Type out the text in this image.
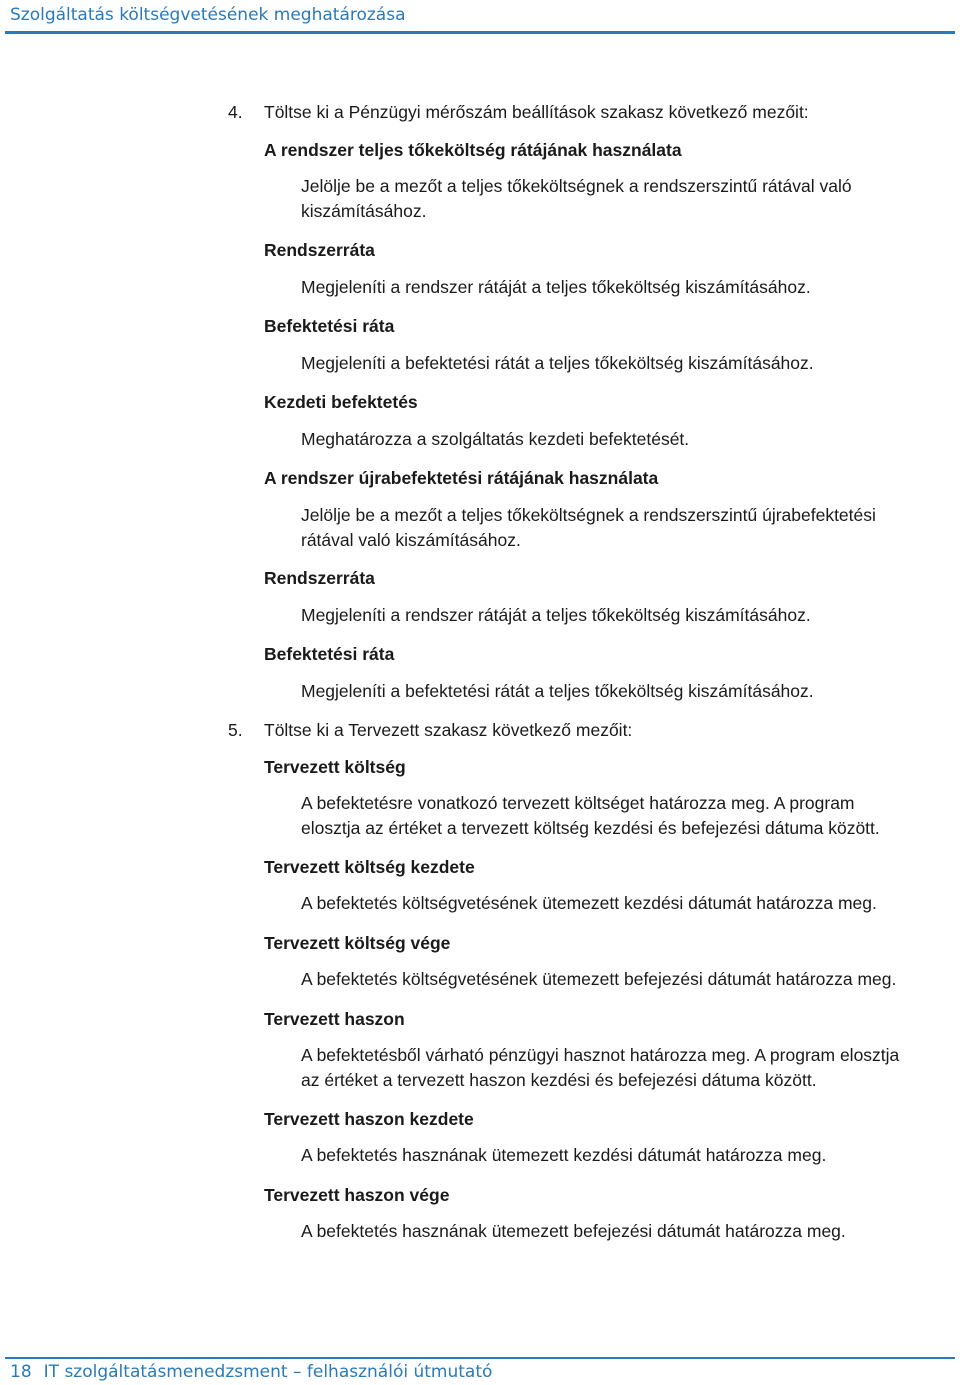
Szolgáltatás költségvetésének meghatározása
4. Töltse ki a Pénzügyi mérőszám beállítások szakasz következő mezőit:
A rendszer teljes tőkeköltség rátájának használata
Jelölje be a mezőt a teljes tőkeköltségnek a rendszerszintű rátával való
kiszámításához.
Rendszerráta
Megjeleníti a rendszer rátáját a teljes tőkeköltség kiszámításához.
Befektetési ráta
Megjeleníti a befektetési rátát a teljes tőkeköltség kiszámításához.
Kezdeti befektetés
Meghatározza a szolgáltatás kezdeti befektetését.
A rendszer újrabefektetési rátájának használata
Jelölje be a mezőt a teljes tőkeköltségnek a rendszerszintű újrabefektetési
rátával való kiszámításához.
Rendszerráta
Megjeleníti a rendszer rátáját a teljes tőkeköltség kiszámításához.
Befektetési ráta
Megjeleníti a befektetési rátát a teljes tőkeköltség kiszámításához.
5. Töltse ki a Tervezett szakasz következő mezőit:
Tervezett költség
A befektetésre vonatkozó tervezett költséget határozza meg. A program
elosztja az értéket a tervezett költség kezdési és befejezési dátuma között.
Tervezett költség kezdete
A befektetés költségvetésének ütemezett kezdési dátumát határozza meg.
Tervezett költség vége
A befektetés költségvetésének ütemezett befejezési dátumát határozza meg.
Tervezett haszon
A befektetésből várható pénzügyi hasznot határozza meg. A program elosztja
az értéket a tervezett haszon kezdési és befejezési dátuma között.
Tervezett haszon kezdete
A befektetés hasznának ütemezett kezdési dátumát határozza meg.
Tervezett haszon vége
A befektetés hasznának ütemezett befejezési dátumát határozza meg.
18 IT szolgáltatásmenedzsment – felhasználói útmutató
